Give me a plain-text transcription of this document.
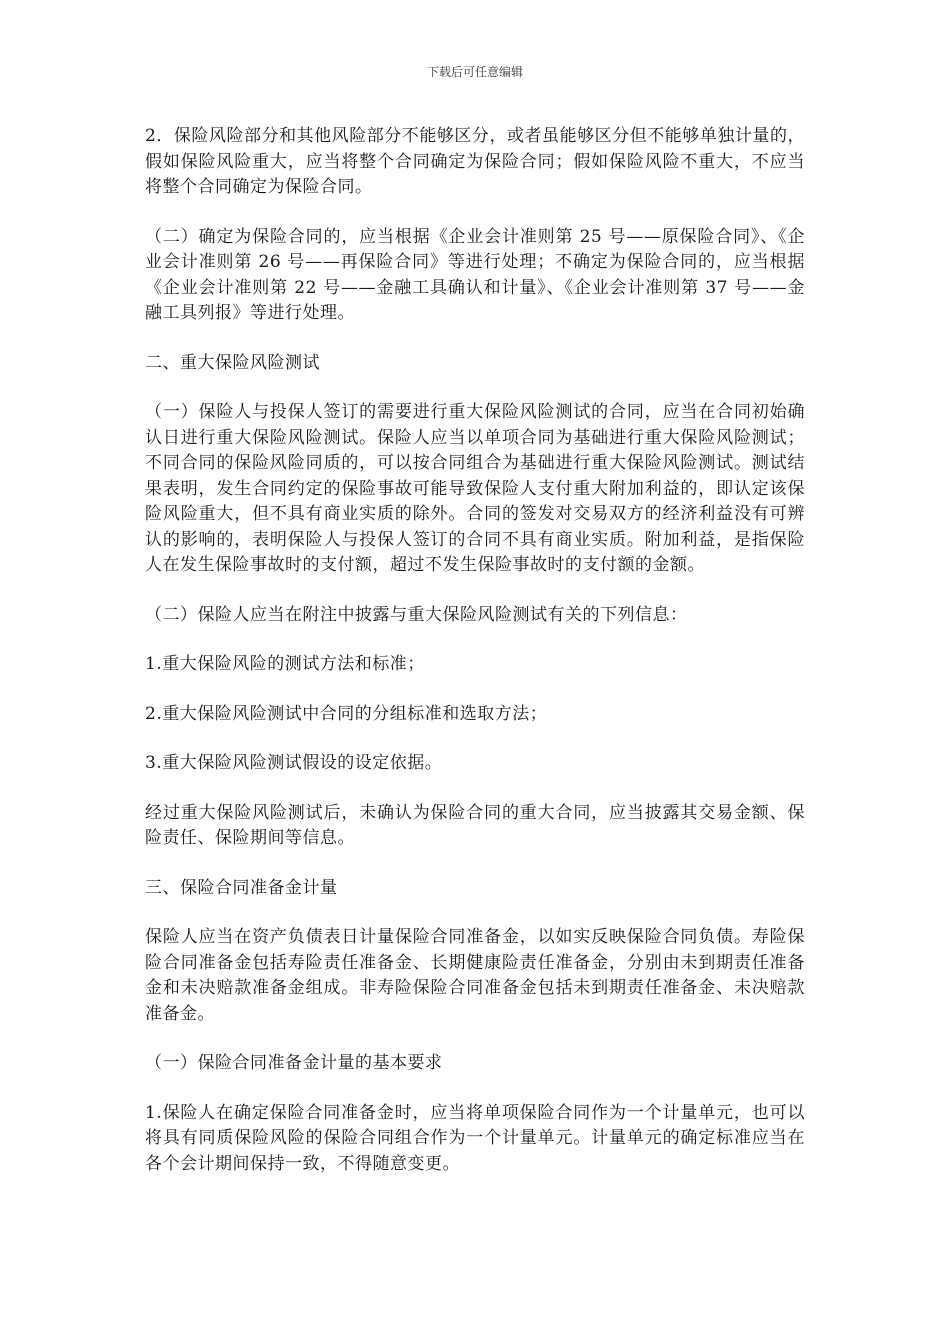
下载后可任意编辑

2．保险风险部分和其他风险部分不能够区分，或者虽能够区分但不能够单独计量的，假如保险风险重大，应当将整个合同确定为保险合同；假如保险风险不重大，不应当将整个合同确定为保险合同。

（二）确定为保险合同的，应当根据《企业会计准则第 25 号——原保险合同》、《企业会计准则第 26 号——再保险合同》等进行处理；不确定为保险合同的，应当根据《企业会计准则第 22 号——金融工具确认和计量》、《企业会计准则第 37 号——金融工具列报》等进行处理。

二、重大保险风险测试

（一）保险人与投保人签订的需要进行重大保险风险测试的合同，应当在合同初始确认日进行重大保险风险测试。保险人应当以单项合同为基础进行重大保险风险测试；不同合同的保险风险同质的，可以按合同组合为基础进行重大保险风险测试。测试结果表明，发生合同约定的保险事故可能导致保险人支付重大附加利益的，即认定该保险风险重大，但不具有商业实质的除外。合同的签发对交易双方的经济利益没有可辨认的影响的，表明保险人与投保人签订的合同不具有商业实质。附加利益，是指保险人在发生保险事故时的支付额，超过不发生保险事故时的支付额的金额。

（二）保险人应当在附注中披露与重大保险风险测试有关的下列信息：

1.重大保险风险的测试方法和标准；

2.重大保险风险测试中合同的分组标准和选取方法；

3.重大保险风险测试假设的设定依据。

经过重大保险风险测试后，未确认为保险合同的重大合同，应当披露其交易金额、保险责任、保险期间等信息。

三、保险合同准备金计量

保险人应当在资产负债表日计量保险合同准备金，以如实反映保险合同负债。寿险保险合同准备金包括寿险责任准备金、长期健康险责任准备金，分别由未到期责任准备金和未决赔款准备金组成。非寿险保险合同准备金包括未到期责任准备金、未决赔款准备金。

（一）保险合同准备金计量的基本要求

1.保险人在确定保险合同准备金时，应当将单项保险合同作为一个计量单元，也可以将具有同质保险风险的保险合同组合作为一个计量单元。计量单元的确定标准应当在各个会计期间保持一致，不得随意变更。
